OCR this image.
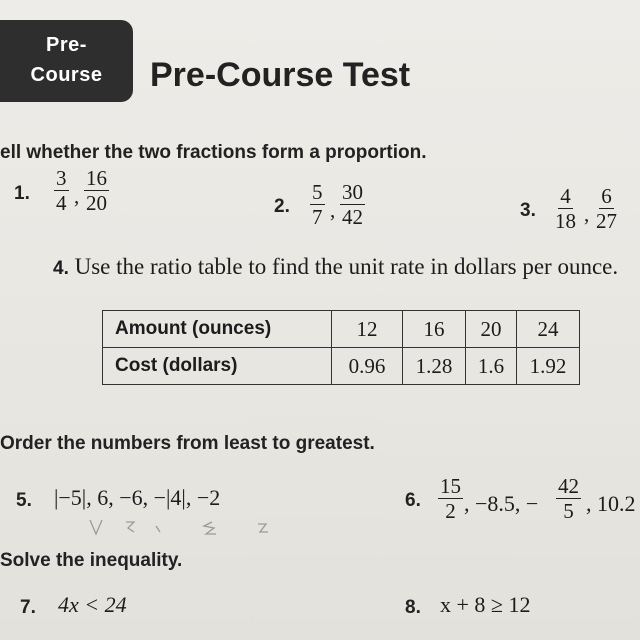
Pre-
Course	Pre-Course Test
ell whether the two fractions form a proportion.
1. $\frac{3}{4}$ , $\frac{16}{20}$	2. $\frac{5}{7}$ , $\frac{30}{42}$	3. $\frac{4}{18}$ , $\frac{6}{27}$
4. Use the ratio table to find the unit rate in dollars per ounce.
Amount (ounces)	12	16	20	24
Cost (dollars)	0.96	1.28	1.6	1.92
Order the numbers from least to greatest.
5. |−5|, 6, −6, −|4|, −2	6. $\frac{15}{2}$ , −8.5, − $\frac{42}{5}$ , 10.2
Solve the inequality.
7. 4x < 24	8. x + 8 ≥ 12
